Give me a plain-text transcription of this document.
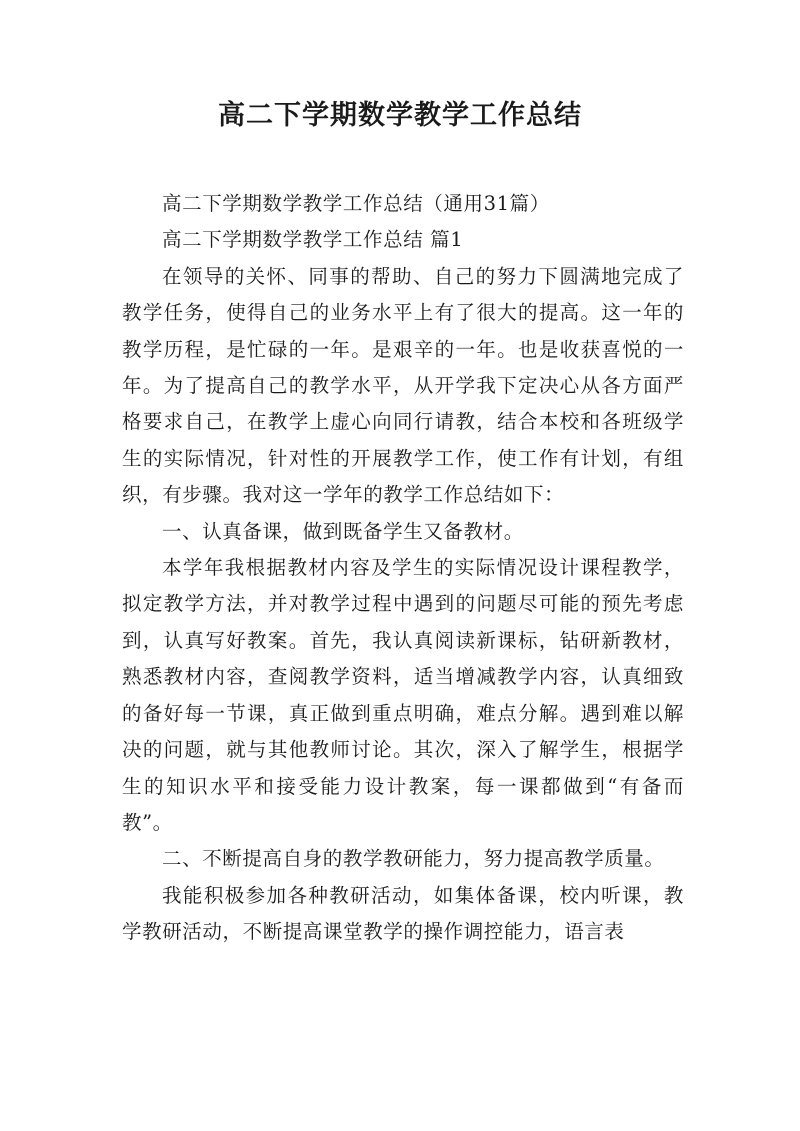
高二下学期数学教学工作总结

高二下学期数学教学工作总结（通用31篇）

高二下学期数学教学工作总结 篇1

在领导的关怀、同事的帮助、自己的努力下圆满地完成了教学任务，使得自己的业务水平上有了很大的提高。这一年的教学历程，是忙碌的一年。是艰辛的一年。也是收获喜悦的一年。为了提高自己的教学水平，从开学我下定决心从各方面严格要求自己，在教学上虚心向同行请教，结合本校和各班级学生的实际情况，针对性的开展教学工作，使工作有计划，有组织，有步骤。我对这一学年的教学工作总结如下：

一、认真备课，做到既备学生又备教材。

本学年我根据教材内容及学生的实际情况设计课程教学，拟定教学方法，并对教学过程中遇到的问题尽可能的预先考虑到，认真写好教案。首先，我认真阅读新课标，钻研新教材，熟悉教材内容，查阅教学资料，适当增减教学内容，认真细致的备好每一节课，真正做到重点明确，难点分解。遇到难以解决的问题，就与其他教师讨论。其次，深入了解学生，根据学生的知识水平和接受能力设计教案，每一课都做到“有备而教”。

二、不断提高自身的教学教研能力，努力提高教学质量。

我能积极参加各种教研活动，如集体备课，校内听课，教学教研活动，不断提高课堂教学的操作调控能力，语言表
